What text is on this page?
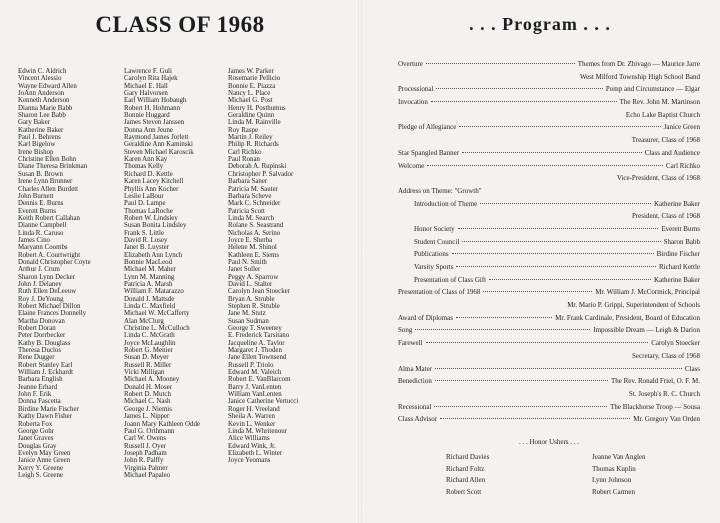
CLASS OF 1968
Edwin C. Aldrich
Vincent Alessio
Wayne Edward Allen
JoAnn Anderson
Kenneth Anderson
Dianna Marie Babb
Sharon Lee Babb
Gary Baker
Katherine Baker
Paul J. Behrens
Karl Bigelow
Irene Bishop
Christine Ellen Bohn
Diane Theresa Brinkman
Susan B. Brown
Irene Lynn Brunner
Charles Allen Burdett
John Burnett
Dennis E. Burns
Everett Burns
Keith Robert Callahan
Dianne Campbell
Linda R. Caruso
James Cino
Maryann Coombs
Robert A. Courtwright
Donald Christopher Coyte
Arthur J. Crum
Sharon Lynn Decker
John J. Delaney
Ruth Ellen DeLeeuw
Roy J. DeYoung
Robert Michael Dillon
Elaine Frances Donnelly
Martha Donovan
Robert Doran
Peter Dorrbecker
Kathy B. Douglass
Theresa Duclos
Rene Dugger
Robert Stanley Earl
William J. Eckhardt
Barbara English
Jeanne Erhard
John F. Erik
Donna Fascetta
Birdine Marie Fischer
Kathy Dawn Fisher
Roberta Fox
George Gohr
Janet Graves
Douglas Gray
Evelyn May Green
Janice Anne Green
Kerry Y. Greene
Leigh S. Greene
Lawrence F. Guli
Carolyn Rita Hajek
Michael E. Hall
Gary Halvorsen
Earl William Hobaugh
Robert H. Hohmann
Bonnie Huggard
James Steven Janssen
Donna Ann Jeune
Raymond James Jorlett
Geraldine Ann Kaminski
Steven Michael Karoscik
Karen Ann Kay
Thomas Kelly
Richard D. Kettle
Karen Lacey Kitchell
Phyllis Ann Kocher
Leslie LaBour
Paul D. Lampe
Thomas LaRoche
Robert W. Lindsley
Susan Bonita Lindsley
Frank S. Little
David R. Losey
Janet B. Luyster
Elizabeth Ann Lynch
Bonnie MacLeod
Michael M. Maher
Lynn M. Manning
Patricia A. Marsh
William F. Matarazzo
Donald J. Mattsde
Linda C. Maxfield
Michael W. McCafferty
Alan McClurg
Christine L. McCulloch
Linda C. McGrath
Joyce McLaughlin
Robert G. Menier
Susan D. Meyer
Russell R. Miller
Vicki Milligan
Michael A. Mooney
Donald H. Moser
Robert D. Mutch
Michael C. Nash
George J. Niemis
James L. Nipper
Joann Mary Kathleen Odde
Paul G. Orthmann
Carl W. Owens
Russell J. Oyer
Joseph Padham
John R. Palffy
Virginia Palmer
Michael Papaleo
James W. Parker
Rosemarie Pellicio
Bonnie E. Piazza
Nancy L. Place
Michael G. Post
Henry H. Posthumus
Geraldine Quinn
Linda M. Rainville
Roy Raspe
Martin J. Reiley
Philip R. Richards
Carl Richko
Paul Ronan
Deborah A. Rupinski
Christopher P. Salvador
Barbara Saner
Patricia M. Sauter
Barbara Scheve
Mark C. Schneider
Patricia Scott
Linda M. Search
Rolane S. Seastrand
Nicholas A. Serino
Joyce E. Sherba
Helene M. Shinol
Kathleen E. Siems
Paul N. Smith
Janet Soller
Peggy A. Sparrow
David L. Stalter
Carolyn Jean Stoecker
Bryan A. Struble
Stephen R. Struble
Jane M. Stutz
Susan Sudman
George T. Sweeney
E. Frederick Tarsitano
Jacqueline A. Taylor
Margaret J. Thoden
Jane Ellen Townsend
Russell P. Triolo
Edward M. Valeich
Robert E. VanBlarcom
Barry J. VanLenten
William VanLenten
Janice Catherine Vertucci
Roger H. Vreeland
Sheila A. Warren
Kevin L. Wenker
Linda M. Whritenour
Alice Williams
Edward Wink, Jr.
Elizabeth L. Winter
Joyce Yeomans
. . . Program . . .
Overture	Themes from Dr. Zhivago — Maurice Jarre
West Milford Township High School Band
Processional	Pomp and Circumstance — Elgar
Invocation	The Rev. John M. Martinson
Echo Lake Baptist Church
Pledge of Allegiance	Janice Green
Treasurer, Class of 1968
Star Spangled Banner	Class and Audience
Welcome	Carl Richko
Vice-President, Class of 1968
Address on Theme: "Growth"
Introduction of Theme	Katherine Baker
President, Class of 1968
Honor Society	Everett Burns
Student Council	Sharon Babb
Publications	Birdine Fischer
Varsity Sports	Richard Kettle
Presentation of Class Gift	Katherine Baker
Presentation of Class of 1968	Mr. William J. McCormick, Principal
Mr. Mario P. Grippi, Superintendent of Schools
Award of Diplomas	Mr. Frank Cardinale, President, Board of Education
Song	Impossible Dream — Leigh & Darion
Farewell	Carolyn Stoecker
Secretary, Class of 1968
Alma Mater	Class
Benediction	The Rev. Ronald Friel, O. F. M.
St. Joseph's R. C. Church
Recessional	The Blackhorse Troop — Sousa
Class Advisor	Mr. Gregory Van Orden
. . . Honor Ushers . . .
Richard Davies
Richard Foltz
Richard Allen
Robert Scott
Jeanne Van Anglen
Thomas Kuplin
Lynn Johnson
Robert Carmen
